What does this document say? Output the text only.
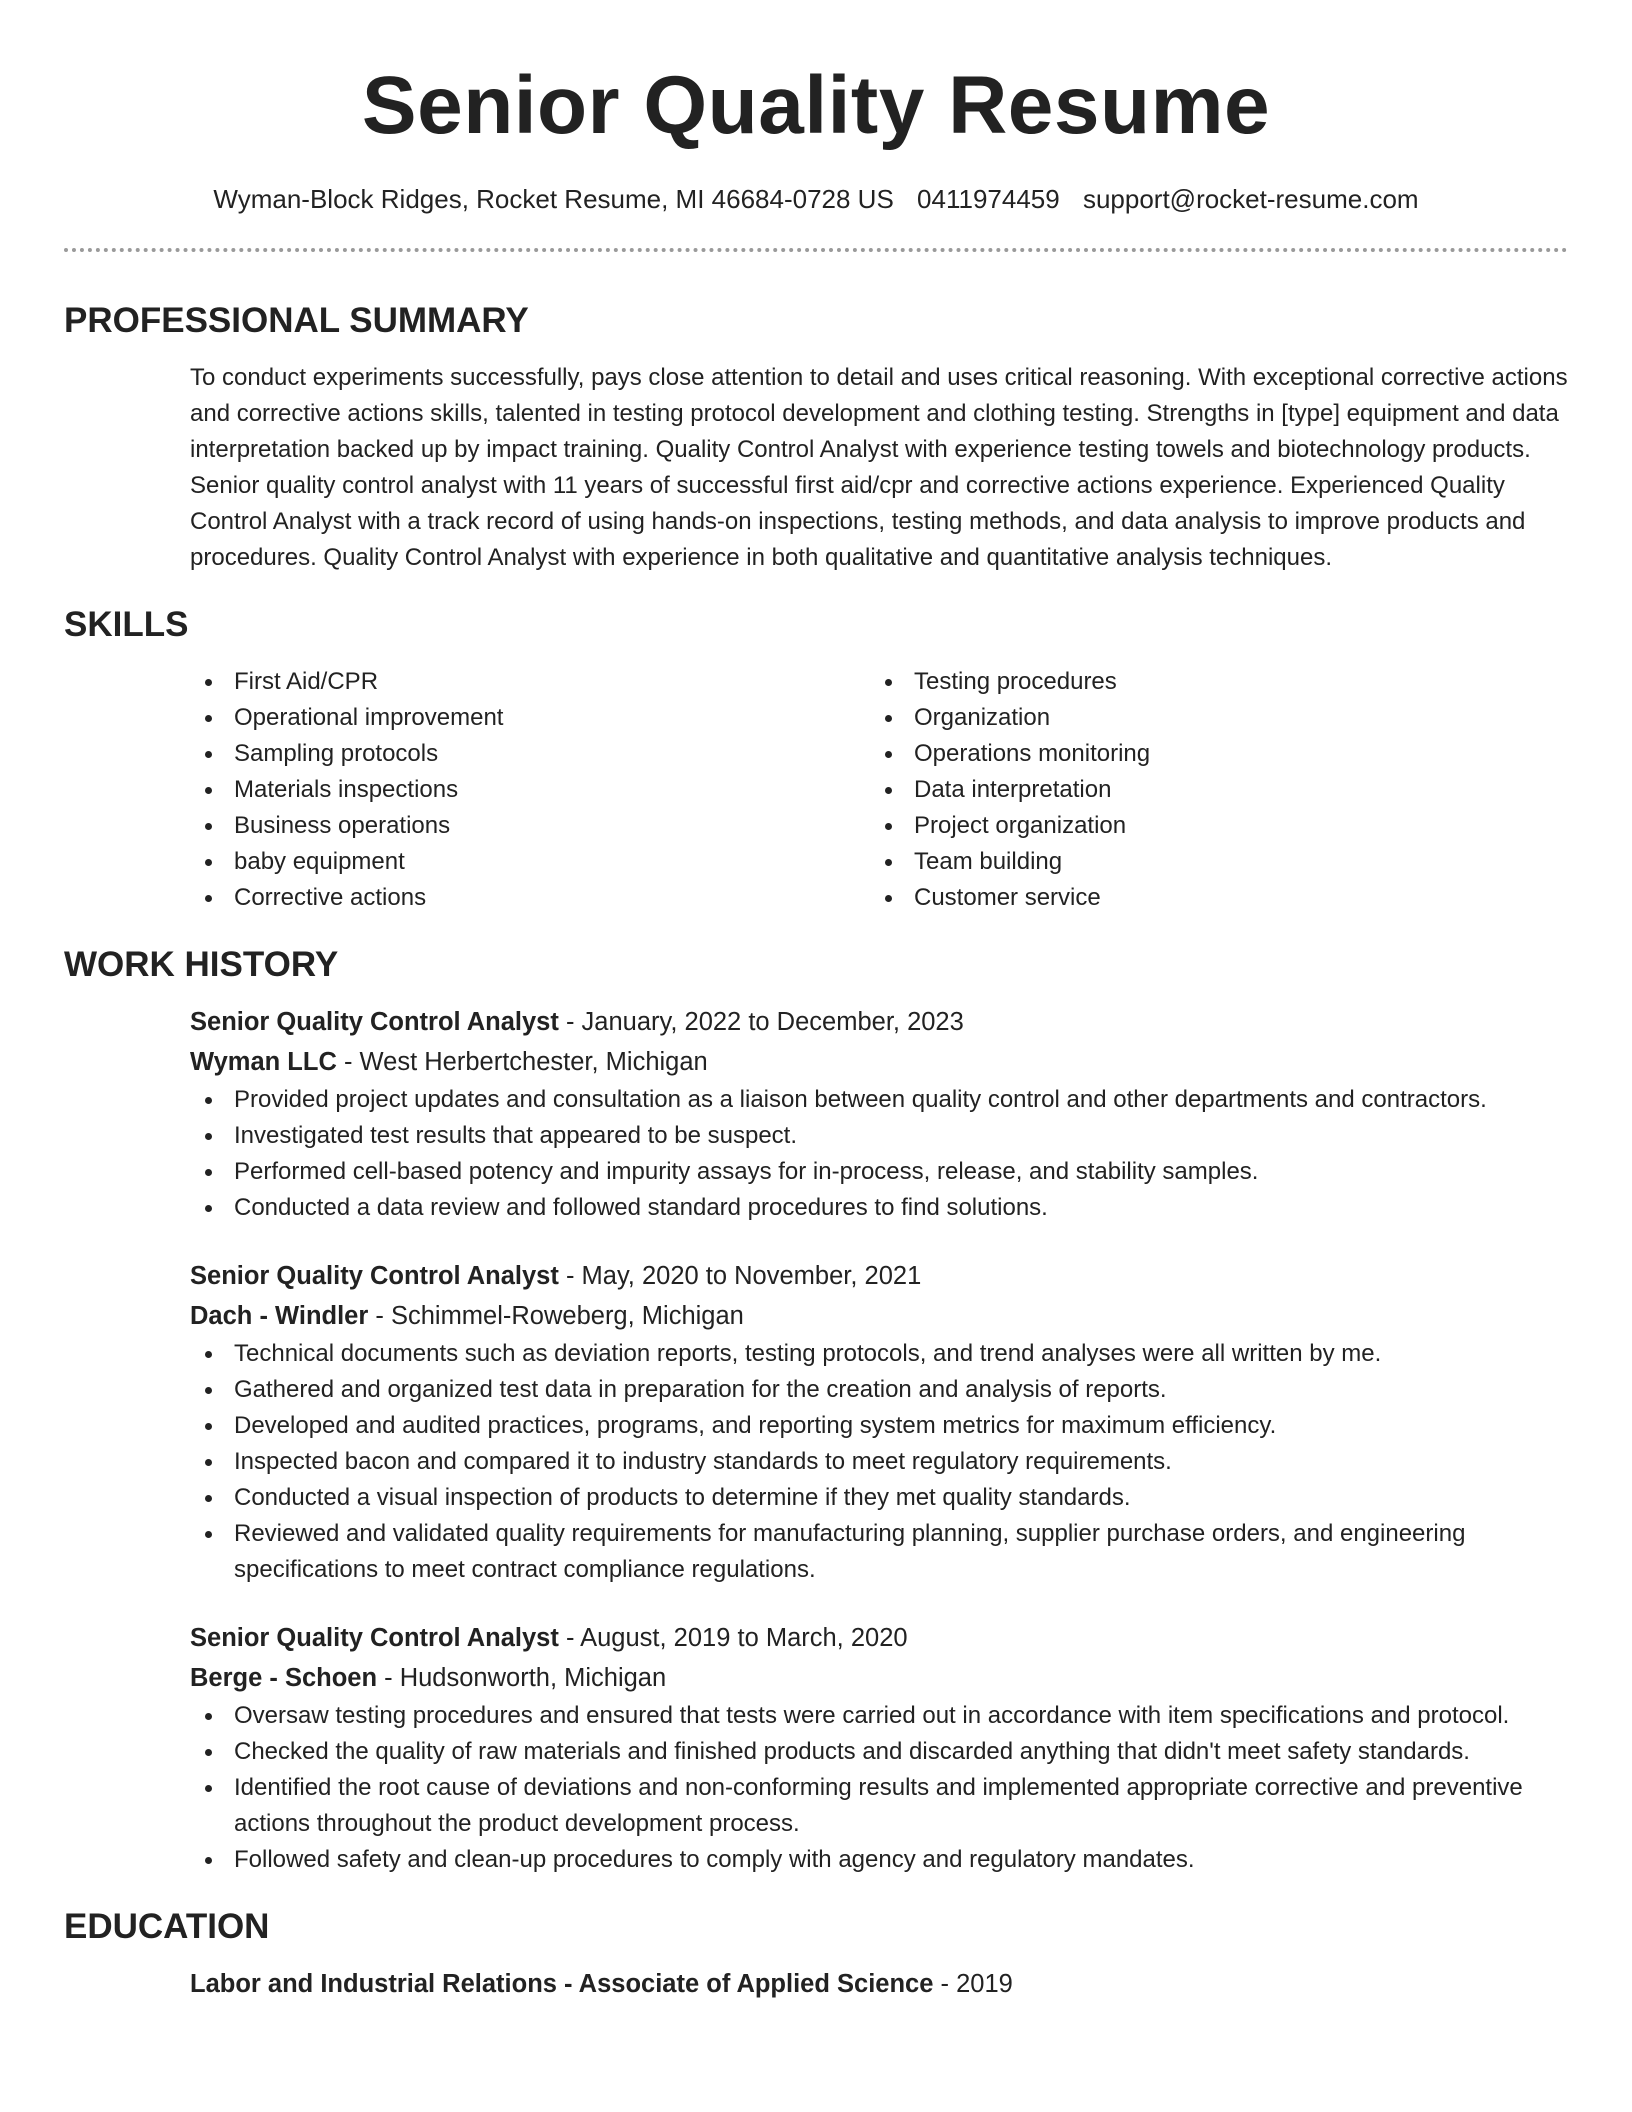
Senior Quality Resume
Wyman-Block Ridges, Rocket Resume, MI 46684-0728 US 0411974459 support@rocket-resume.com
PROFESSIONAL SUMMARY

To conduct experiments successfully, pays close attention to detail and uses critical reasoning. With exceptional corrective actions and corrective actions skills, talented in testing protocol development and clothing testing. Strengths in [type] equipment and data interpretation backed up by impact training. Quality Control Analyst with experience testing towels and biotechnology products. Senior quality control analyst with 11 years of successful first aid/cpr and corrective actions experience. Experienced Quality Control Analyst with a track record of using hands-on inspections, testing methods, and data analysis to improve products and procedures. Quality Control Analyst with experience in both qualitative and quantitative analysis techniques.

SKILLS
First Aid/CPR
Operational improvement
Sampling protocols
Materials inspections
Business operations
baby equipment
Corrective actions
Testing procedures
Organization
Operations monitoring
Data interpretation
Project organization
Team building
Customer service
WORK HISTORY
Senior Quality Control Analyst - January, 2022 to December, 2023
Wyman LLC - West Herbertchester, Michigan
Provided project updates and consultation as a liaison between quality control and other departments and contractors.
Investigated test results that appeared to be suspect.
Performed cell-based potency and impurity assays for in-process, release, and stability samples.
Conducted a data review and followed standard procedures to find solutions.
Senior Quality Control Analyst - May, 2020 to November, 2021
Dach - Windler - Schimmel-Roweberg, Michigan
Technical documents such as deviation reports, testing protocols, and trend analyses were all written by me.
Gathered and organized test data in preparation for the creation and analysis of reports.
Developed and audited practices, programs, and reporting system metrics for maximum efficiency.
Inspected bacon and compared it to industry standards to meet regulatory requirements.
Conducted a visual inspection of products to determine if they met quality standards.
Reviewed and validated quality requirements for manufacturing planning, supplier purchase orders, and engineering specifications to meet contract compliance regulations.
Senior Quality Control Analyst - August, 2019 to March, 2020
Berge - Schoen - Hudsonworth, Michigan
Oversaw testing procedures and ensured that tests were carried out in accordance with item specifications and protocol.
Checked the quality of raw materials and finished products and discarded anything that didn't meet safety standards.
Identified the root cause of deviations and non-conforming results and implemented appropriate corrective and preventive actions throughout the product development process.
Followed safety and clean-up procedures to comply with agency and regulatory mandates.
EDUCATION
Labor and Industrial Relations - Associate of Applied Science - 2019
